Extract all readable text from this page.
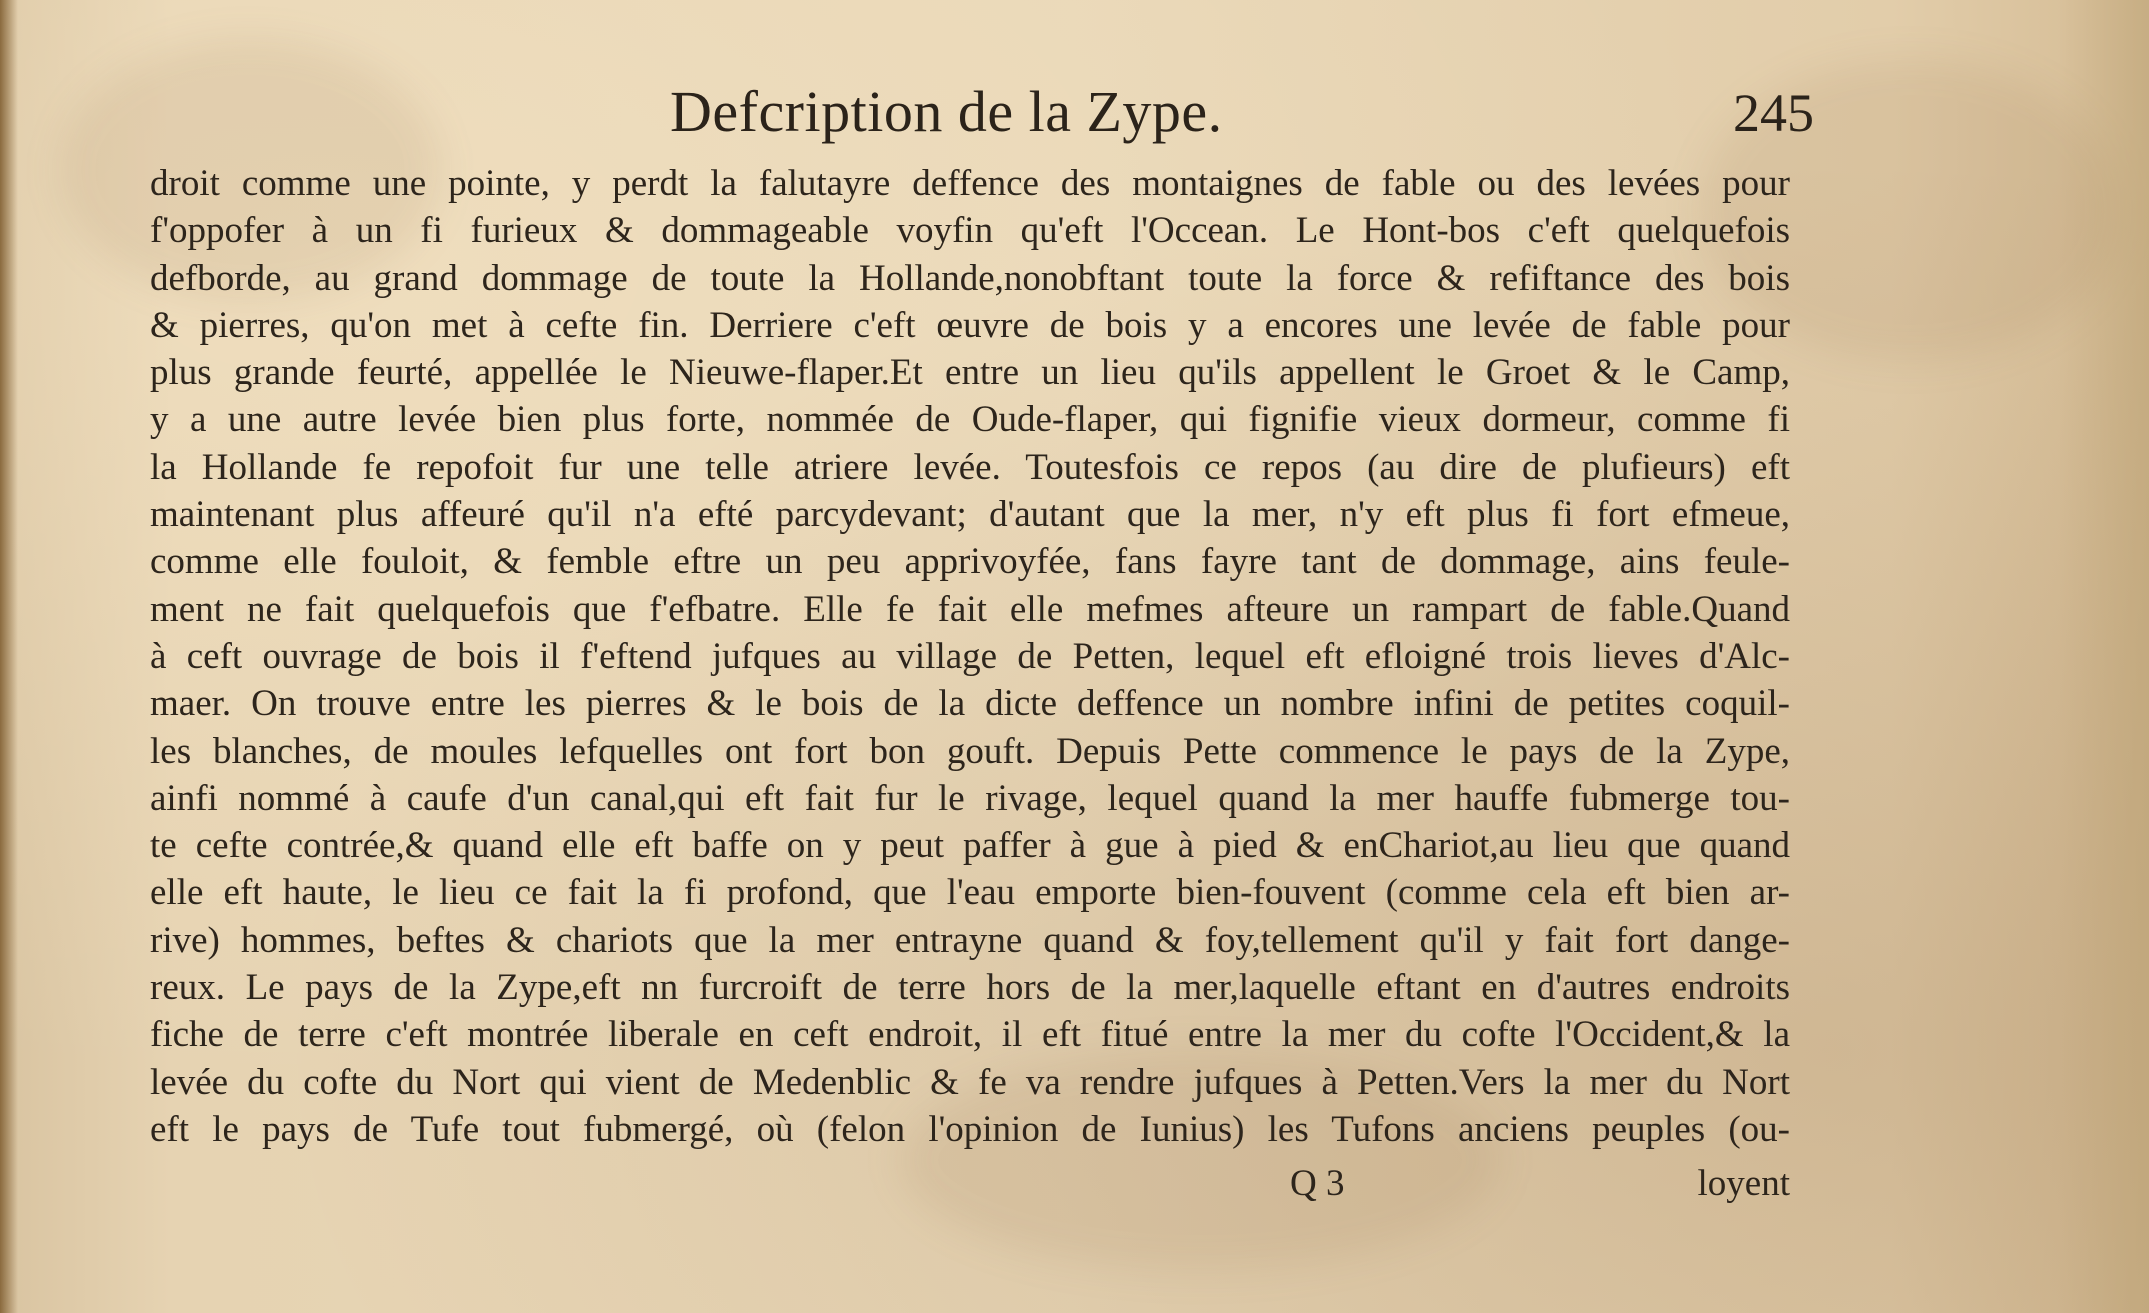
Defcription de la Zype.	245
droit comme une pointe, y perdt la falutayre deffence des montaignes de fable ou des levées pour
f'oppofer à un fi furieux & dommageable voyfin qu'eft l'Occean. Le Hont-bos c'eft quelquefois
defborde, au grand dommage de toute la Hollande,nonobftant toute la force & refiftance des bois
& pierres, qu'on met à cefte fin. Derriere c'eft œuvre de bois y a encores une levée de fable pour
plus grande feurté, appellée le Nieuwe-flaper.Et entre un lieu qu'ils appellent le Groet & le Camp,
y a une autre levée bien plus forte, nommée de Oude-flaper, qui fignifie vieux dormeur, comme fi
la Hollande fe repofoit fur une telle atriere levée. Toutesfois ce repos (au dire de plufieurs) eft
maintenant plus affeuré qu'il n'a efté parcydevant; d'autant que la mer, n'y eft plus fi fort efmeue,
comme elle fouloit, & femble eftre un peu apprivoyfée, fans fayre tant de dommage, ains feule-
ment ne fait quelquefois que f'efbatre. Elle fe fait elle mefmes afteure un rampart de fable.Quand
à ceft ouvrage de bois il f'eftend jufques au village de Petten, lequel eft efloigné trois lieves d'Alc-
maer. On trouve entre les pierres & le bois de la dicte deffence un nombre infini de petites coquil-
les blanches, de moules lefquelles ont fort bon gouft. Depuis Pette commence le pays de la Zype,
ainfi nommé à caufe d'un canal,qui eft fait fur le rivage, lequel quand la mer hauffe fubmerge tou-
te cefte contrée,& quand elle eft baffe on y peut paffer à gue à pied & enChariot,au lieu que quand
elle eft haute, le lieu ce fait la fi profond, que l'eau emporte bien-fouvent (comme cela eft bien ar-
rive) hommes, beftes & chariots que la mer entrayne quand & foy,tellement qu'il y fait fort dange-
reux. Le pays de la Zype,eft nn furcroift de terre hors de la mer,laquelle eftant en d'autres endroits
fiche de terre c'eft montrée liberale en ceft endroit, il eft fitué entre la mer du cofte l'Occident,& la
levée du cofte du Nort qui vient de Medenblic & fe va rendre jufques à Petten.Vers la mer du Nort
eft le pays de Tufe tout fubmergé, où (felon l'opinion de Iunius) les Tufons anciens peuples (ou-
Q 3	loyent
